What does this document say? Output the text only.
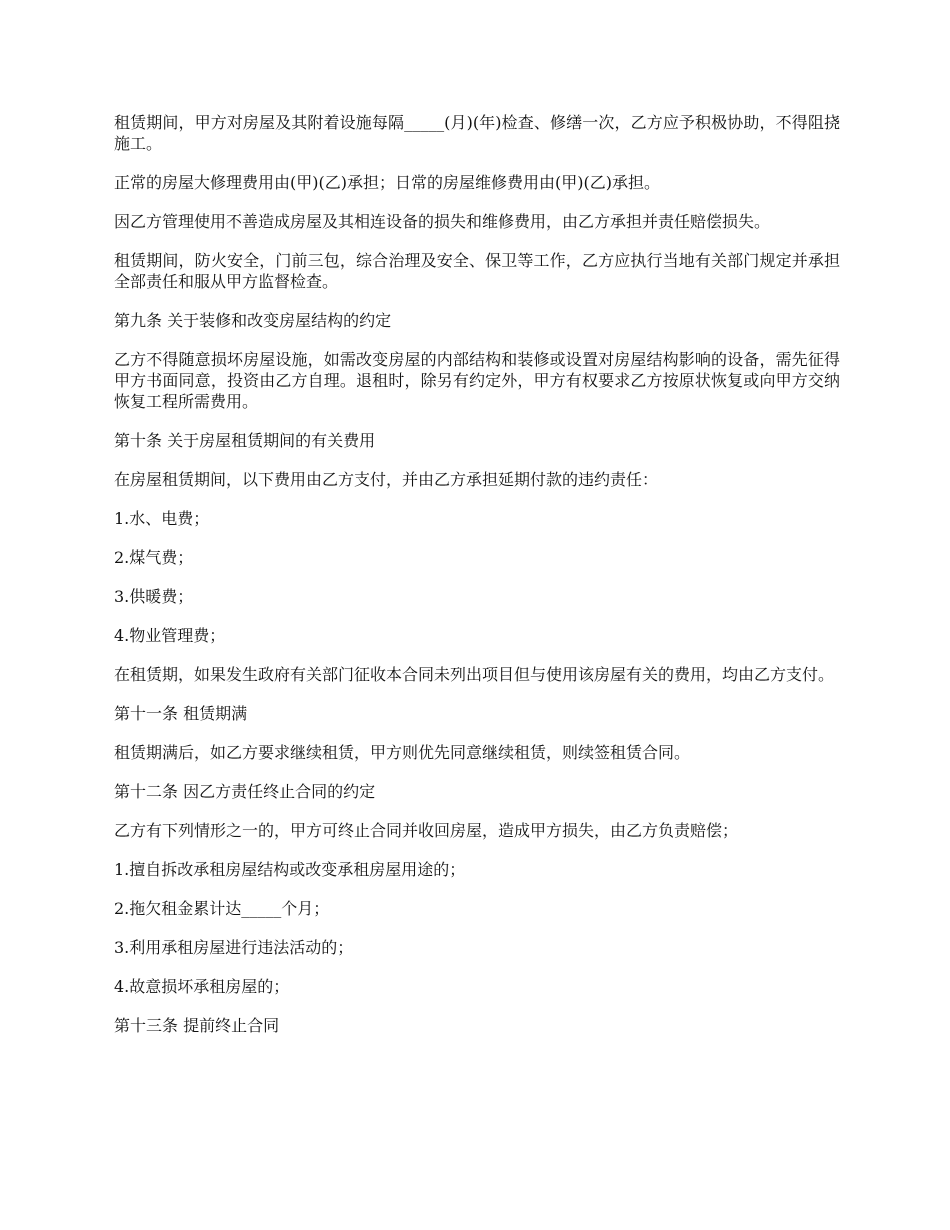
租赁期间，甲方对房屋及其附着设施每隔_____(月)(年)检查、修缮一次，乙方应予积极协助，不得阻挠施工。

正常的房屋大修理费用由(甲)(乙)承担；日常的房屋维修费用由(甲)(乙)承担。

因乙方管理使用不善造成房屋及其相连设备的损失和维修费用，由乙方承担并责任赔偿损失。

租赁期间，防火安全，门前三包，综合治理及安全、保卫等工作，乙方应执行当地有关部门规定并承担全部责任和服从甲方监督检查。

第九条 关于装修和改变房屋结构的约定

乙方不得随意损坏房屋设施，如需改变房屋的内部结构和装修或设置对房屋结构影响的设备，需先征得甲方书面同意，投资由乙方自理。退租时，除另有约定外，甲方有权要求乙方按原状恢复或向甲方交纳恢复工程所需费用。

第十条 关于房屋租赁期间的有关费用

在房屋租赁期间，以下费用由乙方支付，并由乙方承担延期付款的违约责任：

1.水、电费；

2.煤气费；

3.供暖费；

4.物业管理费；

在租赁期，如果发生政府有关部门征收本合同未列出项目但与使用该房屋有关的费用，均由乙方支付。

第十一条 租赁期满

租赁期满后，如乙方要求继续租赁，甲方则优先同意继续租赁，则续签租赁合同。

第十二条 因乙方责任终止合同的约定

乙方有下列情形之一的，甲方可终止合同并收回房屋，造成甲方损失，由乙方负责赔偿；

1.擅自拆改承租房屋结构或改变承租房屋用途的；

2.拖欠租金累计达_____个月；

3.利用承租房屋进行违法活动的；

4.故意损坏承租房屋的；

第十三条 提前终止合同
